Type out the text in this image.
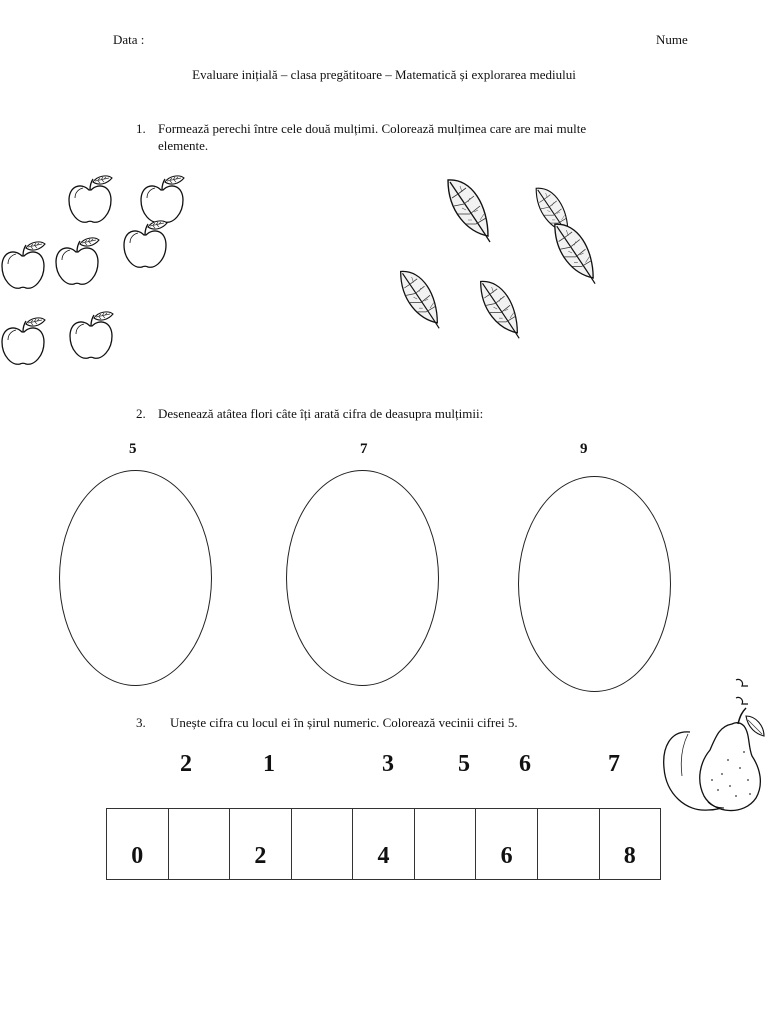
Data :	Nume
Evaluare inițială – clasa pregătitoare – Matematică și explorarea mediului
1. Formează perechi între cele două mulțimi. Colorează mulțimea care are mai multe
elemente.
2. Desenează atâtea flori câte îți arată cifra de deasupra mulțimii:
5	7	9
3. Unește cifra cu locul ei în șirul numeric. Colorează vecinii cifrei 5.
2	1	3	5 6	7
0	2	4	6	8
